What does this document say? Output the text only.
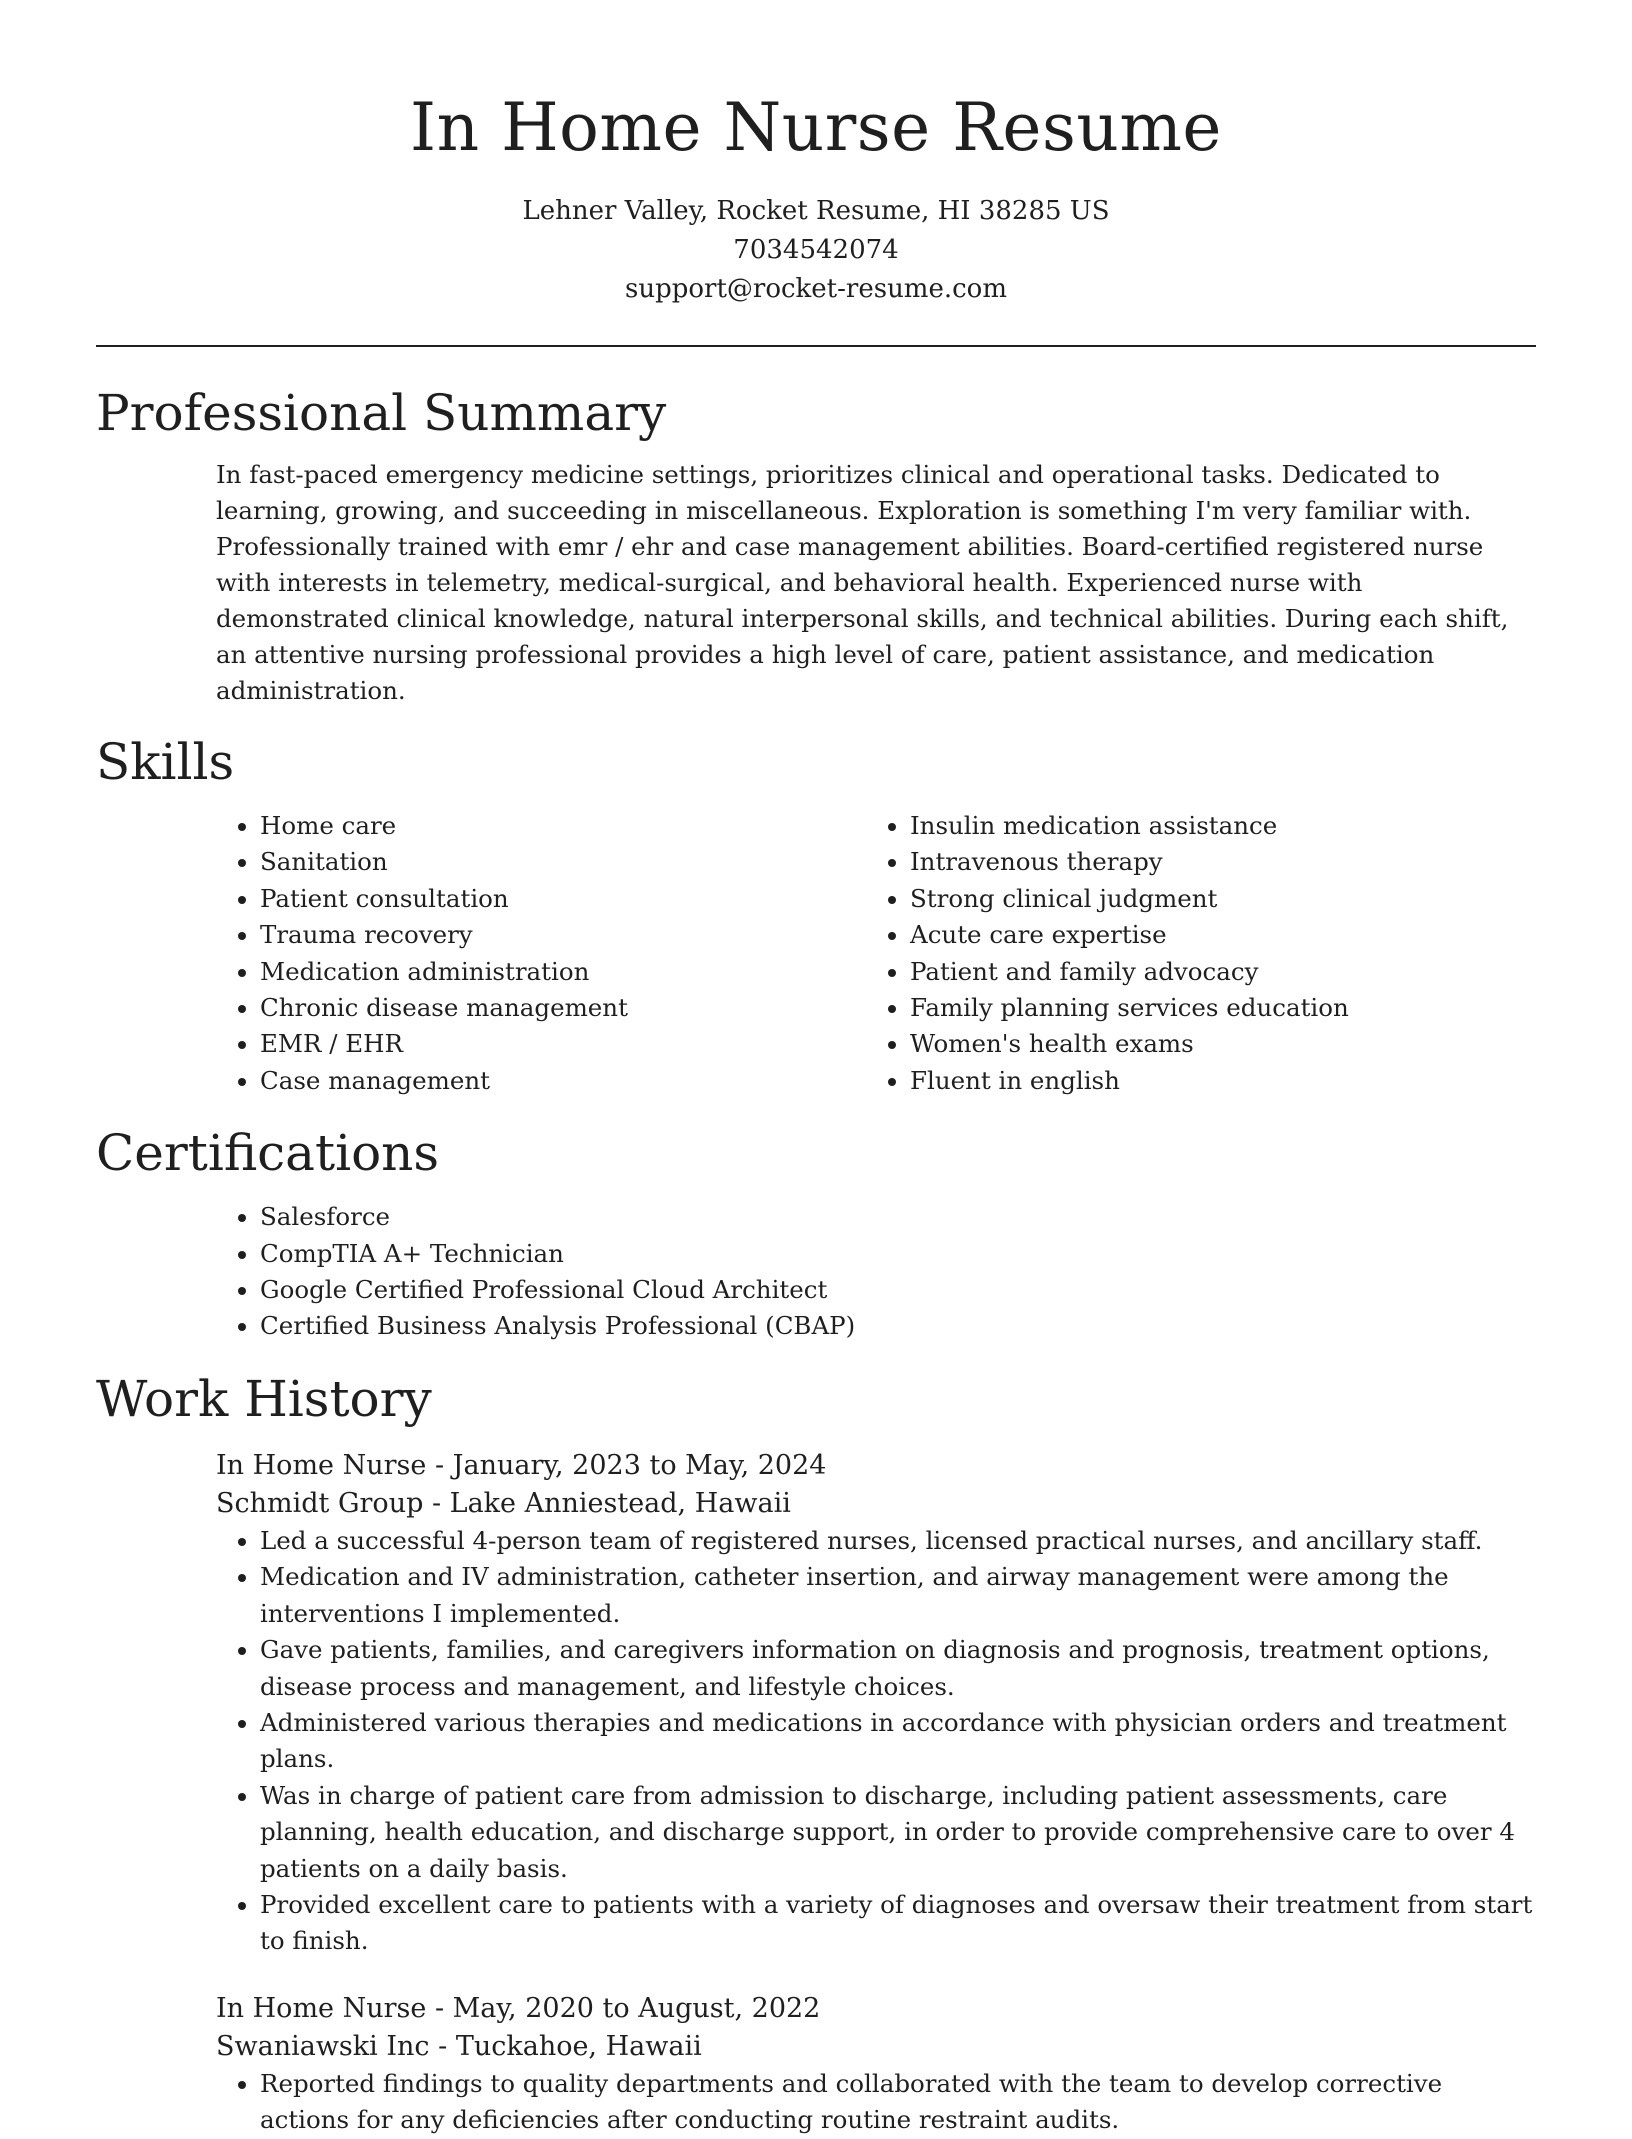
In Home Nurse Resume

Lehner Valley, Rocket Resume, HI 38285 US

7034542074

support@rocket-resume.com

Professional Summary

In fast-paced emergency medicine settings, prioritizes clinical and operational tasks. Dedicated to learning, growing, and succeeding in miscellaneous. Exploration is something I'm very familiar with. Professionally trained with emr / ehr and case management abilities. Board-certified registered nurse with interests in telemetry, medical-surgical, and behavioral health. Experienced nurse with demonstrated clinical knowledge, natural interpersonal skills, and technical abilities. During each shift, an attentive nursing professional provides a high level of care, patient assistance, and medication administration.

Skills
• Home care
• Sanitation
• Patient consultation
• Trauma recovery
• Medication administration
• Chronic disease management
• EMR / EHR
• Case management
• Insulin medication assistance
• Intravenous therapy
• Strong clinical judgment
• Acute care expertise
• Patient and family advocacy
• Family planning services education
• Women's health exams
• Fluent in english
Certifications
• Salesforce
• CompTIA A+ Technician
• Google Certified Professional Cloud Architect
• Certified Business Analysis Professional (CBAP)
Work History

In Home Nurse - January, 2023 to May, 2024

Schmidt Group - Lake Anniestead, Hawaii

• Led a successful 4-person team of registered nurses, licensed practical nurses, and ancillary staff.
• Medication and IV administration, catheter insertion, and airway management were among the interventions I implemented.
• Gave patients, families, and caregivers information on diagnosis and prognosis, treatment options, disease process and management, and lifestyle choices.
• Administered various therapies and medications in accordance with physician orders and treatment plans.
• Was in charge of patient care from admission to discharge, including patient assessments, care planning, health education, and discharge support, in order to provide comprehensive care to over 4 patients on a daily basis.
• Provided excellent care to patients with a variety of diagnoses and oversaw their treatment from start to finish.

In Home Nurse - May, 2020 to August, 2022

Swaniawski Inc - Tuckahoe, Hawaii

• Reported findings to quality departments and collaborated with the team to develop corrective actions for any deficiencies after conducting routine restraint audits.
